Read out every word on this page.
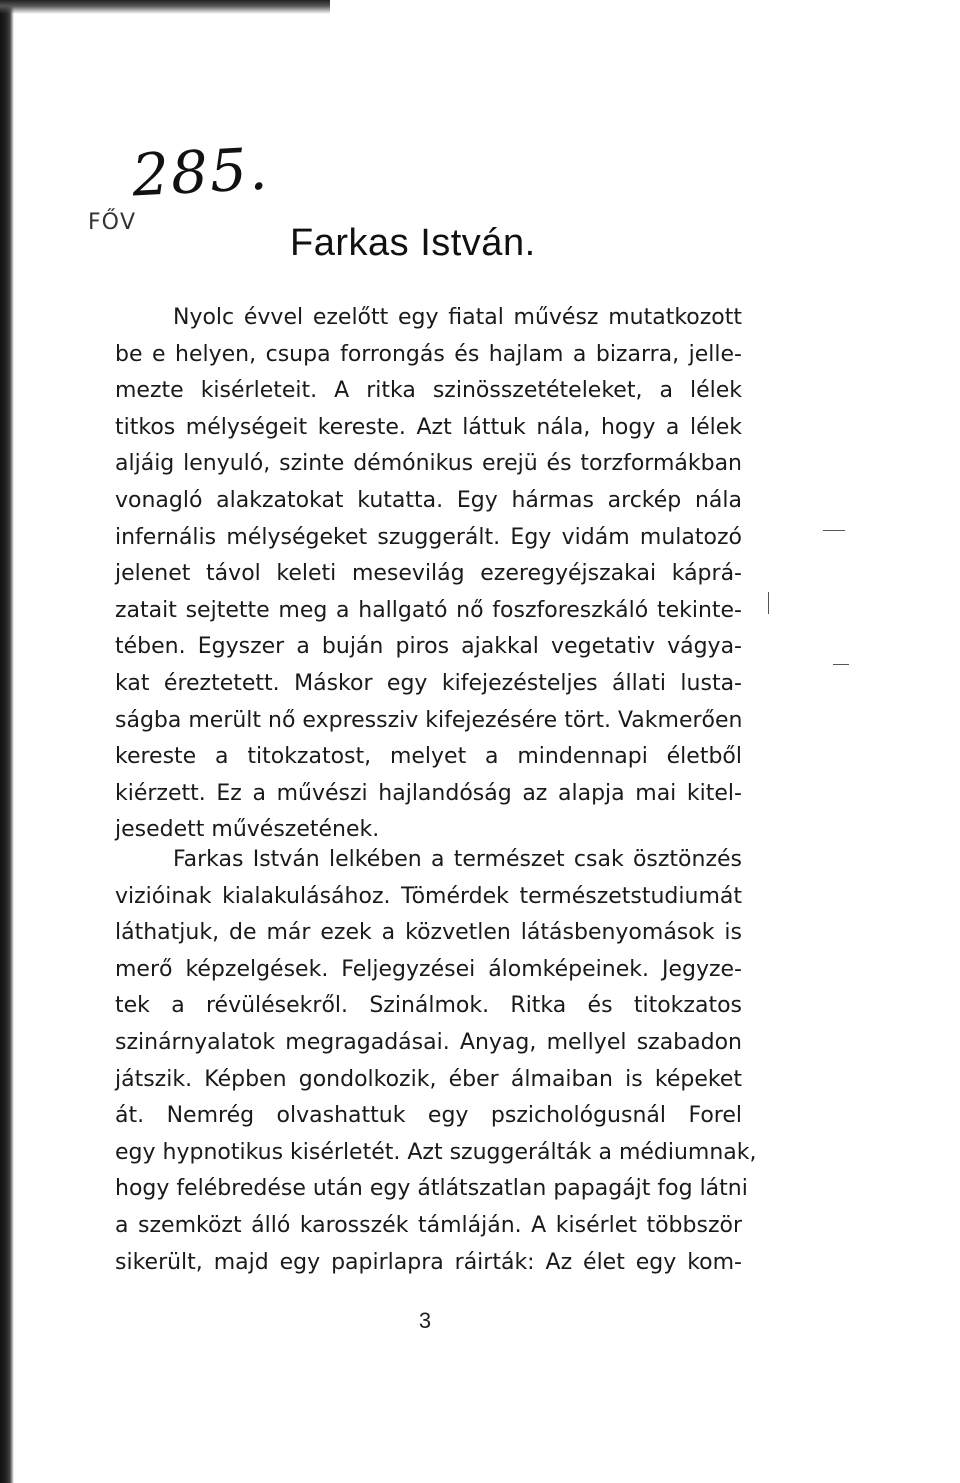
285.
FŐV	Farkas István.
Nyolc évvel ezelőtt egy fiatal művész mutatkozott
be e helyen, csupa forrongás és hajlam a bizarra, jelle-
mezte kisérleteit. A ritka szinösszetételeket, a lélek
titkos mélységeit kereste. Azt láttuk nála, hogy a lélek
aljáig lenyuló, szinte démónikus erejü és torzformákban
vonagló alakzatokat kutatta. Egy hármas arckép nála
infernális mélységeket szuggerált. Egy vidám mulatozó
jelenet távol keleti mesevilág ezeregyéjszakai káprá-
zatait sejtette meg a hallgató nő foszforeszkáló tekinte-
tében. Egyszer a buján piros ajakkal vegetativ vágya-
kat éreztetett. Máskor egy kifejezésteljes állati lusta-
ságba merült nő expressziv kifejezésére tört. Vakmerően
kereste a titokzatost, melyet a mindennapi életből
kiérzett. Ez a művészi hajlandóság az alapja mai kitel-
jesedett művészetének.
Farkas István lelkében a természet csak ösztönzés
vizióinak kialakulásához. Tömérdek természetstudiumát
láthatjuk, de már ezek a közvetlen látásbenyomások is
merő képzelgések. Feljegyzései álomképeinek. Jegyze-
tek a révülésekről. Szinálmok. Ritka és titokzatos
szinárnyalatok megragadásai. Anyag, mellyel szabadon
játszik. Képben gondolkozik, éber álmaiban is képeket
át. Nemrég olvashattuk egy pszichológusnál Forel
egy hypnotikus kisérletét. Azt szuggerálták a médiumnak,
hogy felébredése után egy átlátszatlan papagájt fog látni
a szemközt álló karosszék támláján. A kisérlet többször
sikerült, majd egy papirlapra ráirták: Az élet egy kom-
3
